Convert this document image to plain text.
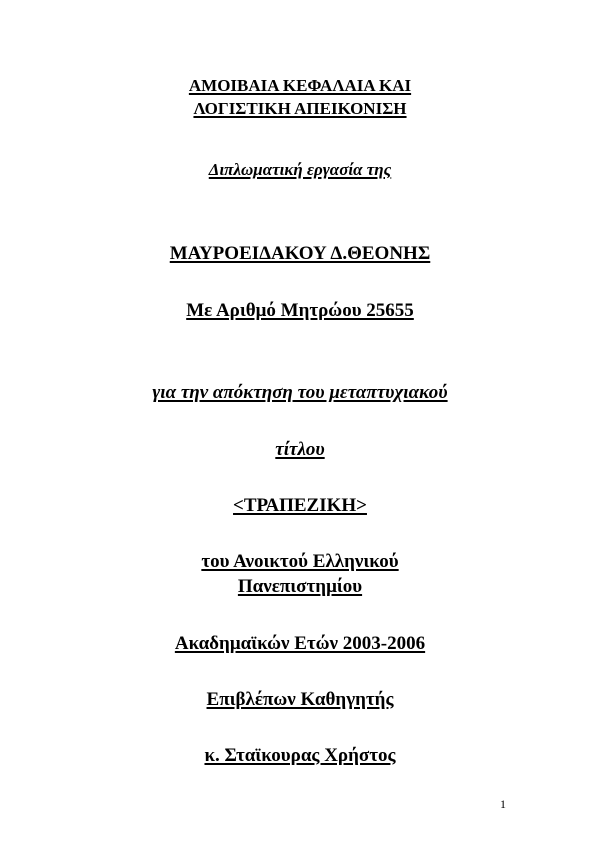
ΑΜΟΙΒΑΙΑ ΚΕΦΑΛΑΙΑ ΚΑΙ
ΛΟΓΙΣΤΙΚΗ ΑΠΕΙΚΟΝΙΣΗ
Διπλωματική εργασία της
ΜΑΥΡΟΕΙΔΑΚΟΥ Δ.ΘΕΟΝΗΣ
Με Αριθμό Μητρώου 25655
για την απόκτηση του μεταπτυχιακού
τίτλου
<ΤΡΑΠΕΖΙΚΗ>
του Ανοικτού Ελληνικού
Πανεπιστημίου
Ακαδημαϊκών Ετών 2003-2006
Επιβλέπων Καθηγητής
κ. Σταϊκουρας Χρήστος
1
